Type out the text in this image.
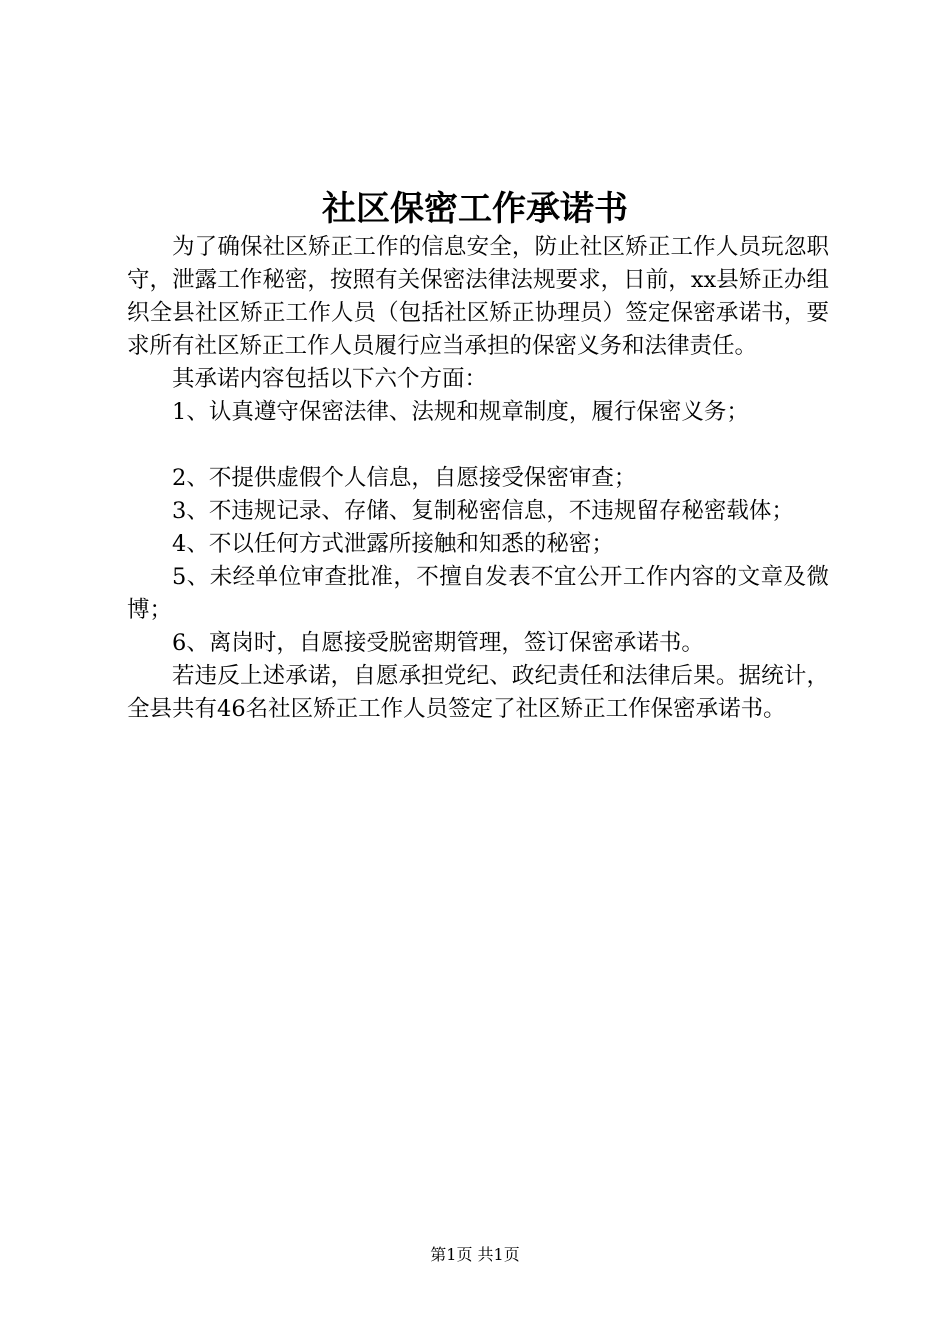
社区保密工作承诺书

为了确保社区矫正工作的信息安全，防止社区矫正工作人员玩忽职守，泄露工作秘密，按照有关保密法律法规要求，日前，xx县矫正办组织全县社区矫正工作人员（包括社区矫正协理员）签定保密承诺书，要求所有社区矫正工作人员履行应当承担的保密义务和法律责任。

其承诺内容包括以下六个方面：

1、认真遵守保密法律、法规和规章制度，履行保密义务；

2、不提供虚假个人信息，自愿接受保密审查；

3、不违规记录、存储、复制秘密信息，不违规留存秘密载体；

4、不以任何方式泄露所接触和知悉的秘密；

5、未经单位审查批准，不擅自发表不宜公开工作内容的文章及微博；

6、离岗时，自愿接受脱密期管理，签订保密承诺书。

若违反上述承诺，自愿承担党纪、政纪责任和法律后果。据统计，全县共有46名社区矫正工作人员签定了社区矫正工作保密承诺书。

第1页 共1页
